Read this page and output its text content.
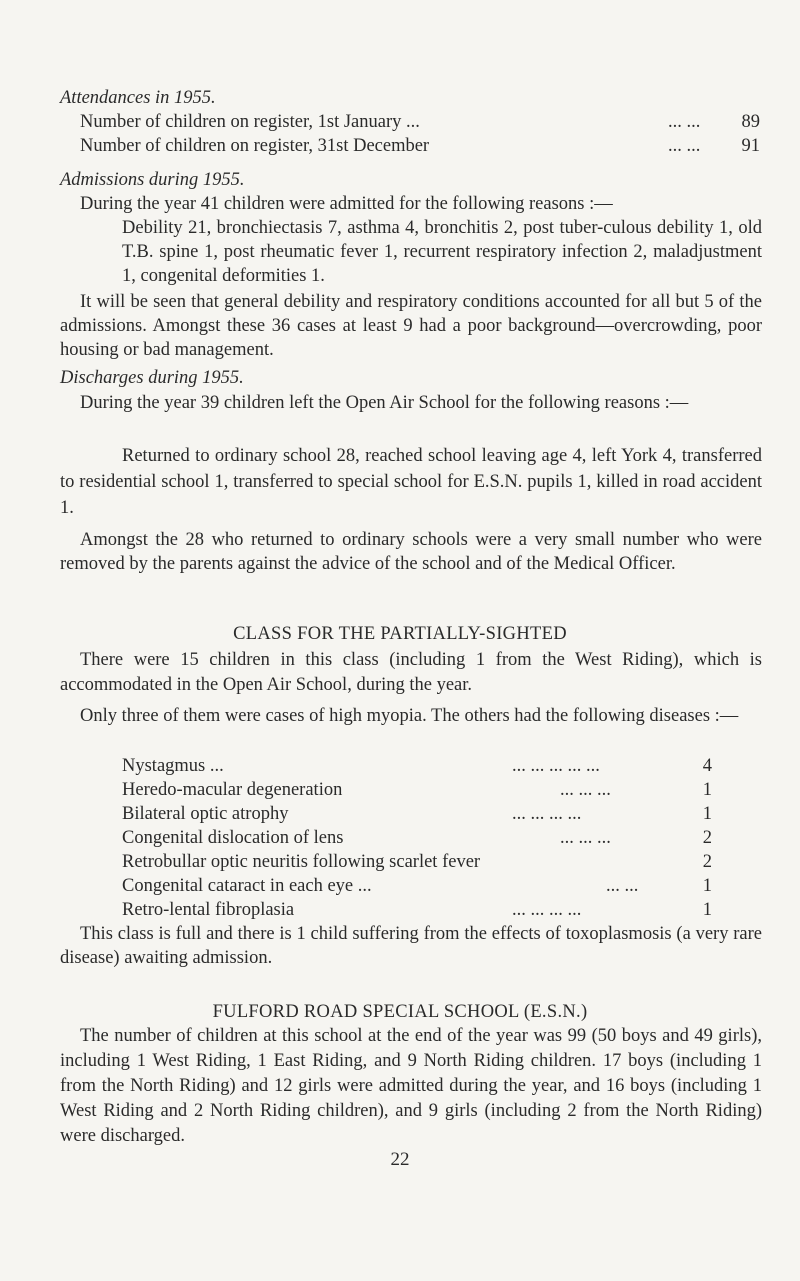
Attendances in 1955.
Number of children on register, 1st January ...	... ...	89
Number of children on register, 31st December	... ...	91
Admissions during 1955.
During the year 41 children were admitted for the following reasons :—
Debility 21, bronchiectasis 7, asthma 4, bronchitis 2, post tuber-culous debility 1, old T.B. spine 1, post rheumatic fever 1, recurrent respiratory infection 2, maladjustment 1, congenital deformities 1.
It will be seen that general debility and respiratory conditions accounted for all but 5 of the admissions. Amongst these 36 cases at least 9 had a poor background—overcrowding, poor housing or bad management.
Discharges during 1955.
During the year 39 children left the Open Air School for the following reasons :—
Returned to ordinary school 28, reached school leaving age 4, left York 4, transferred to residential school 1, transferred to special school for E.S.N. pupils 1, killed in road accident 1.
Amongst the 28 who returned to ordinary schools were a very small number who were removed by the parents against the advice of the school and of the Medical Officer.
CLASS FOR THE PARTIALLY-SIGHTED
There were 15 children in this class (including 1 from the West Riding), which is accommodated in the Open Air School, during the year.
Only three of them were cases of high myopia. The others had the following diseases :—
Nystagmus ...	... ... ... ... ...	4
Heredo-macular degeneration	... ... ...	1
Bilateral optic atrophy	... ... ... ...	1
Congenital dislocation of lens	... ... ...	2
Retrobullar optic neuritis following scarlet fever	2
Congenital cataract in each eye ...	... ...	1
Retro-lental fibroplasia	... ... ... ...	1
This class is full and there is 1 child suffering from the effects of toxoplasmosis (a very rare disease) awaiting admission.
FULFORD ROAD SPECIAL SCHOOL (E.S.N.)
The number of children at this school at the end of the year was 99 (50 boys and 49 girls), including 1 West Riding, 1 East Riding, and 9 North Riding children. 17 boys (including 1 from the North Riding) and 12 girls were admitted during the year, and 16 boys (including 1 West Riding and 2 North Riding children), and 9 girls (including 2 from the North Riding) were discharged.
22
